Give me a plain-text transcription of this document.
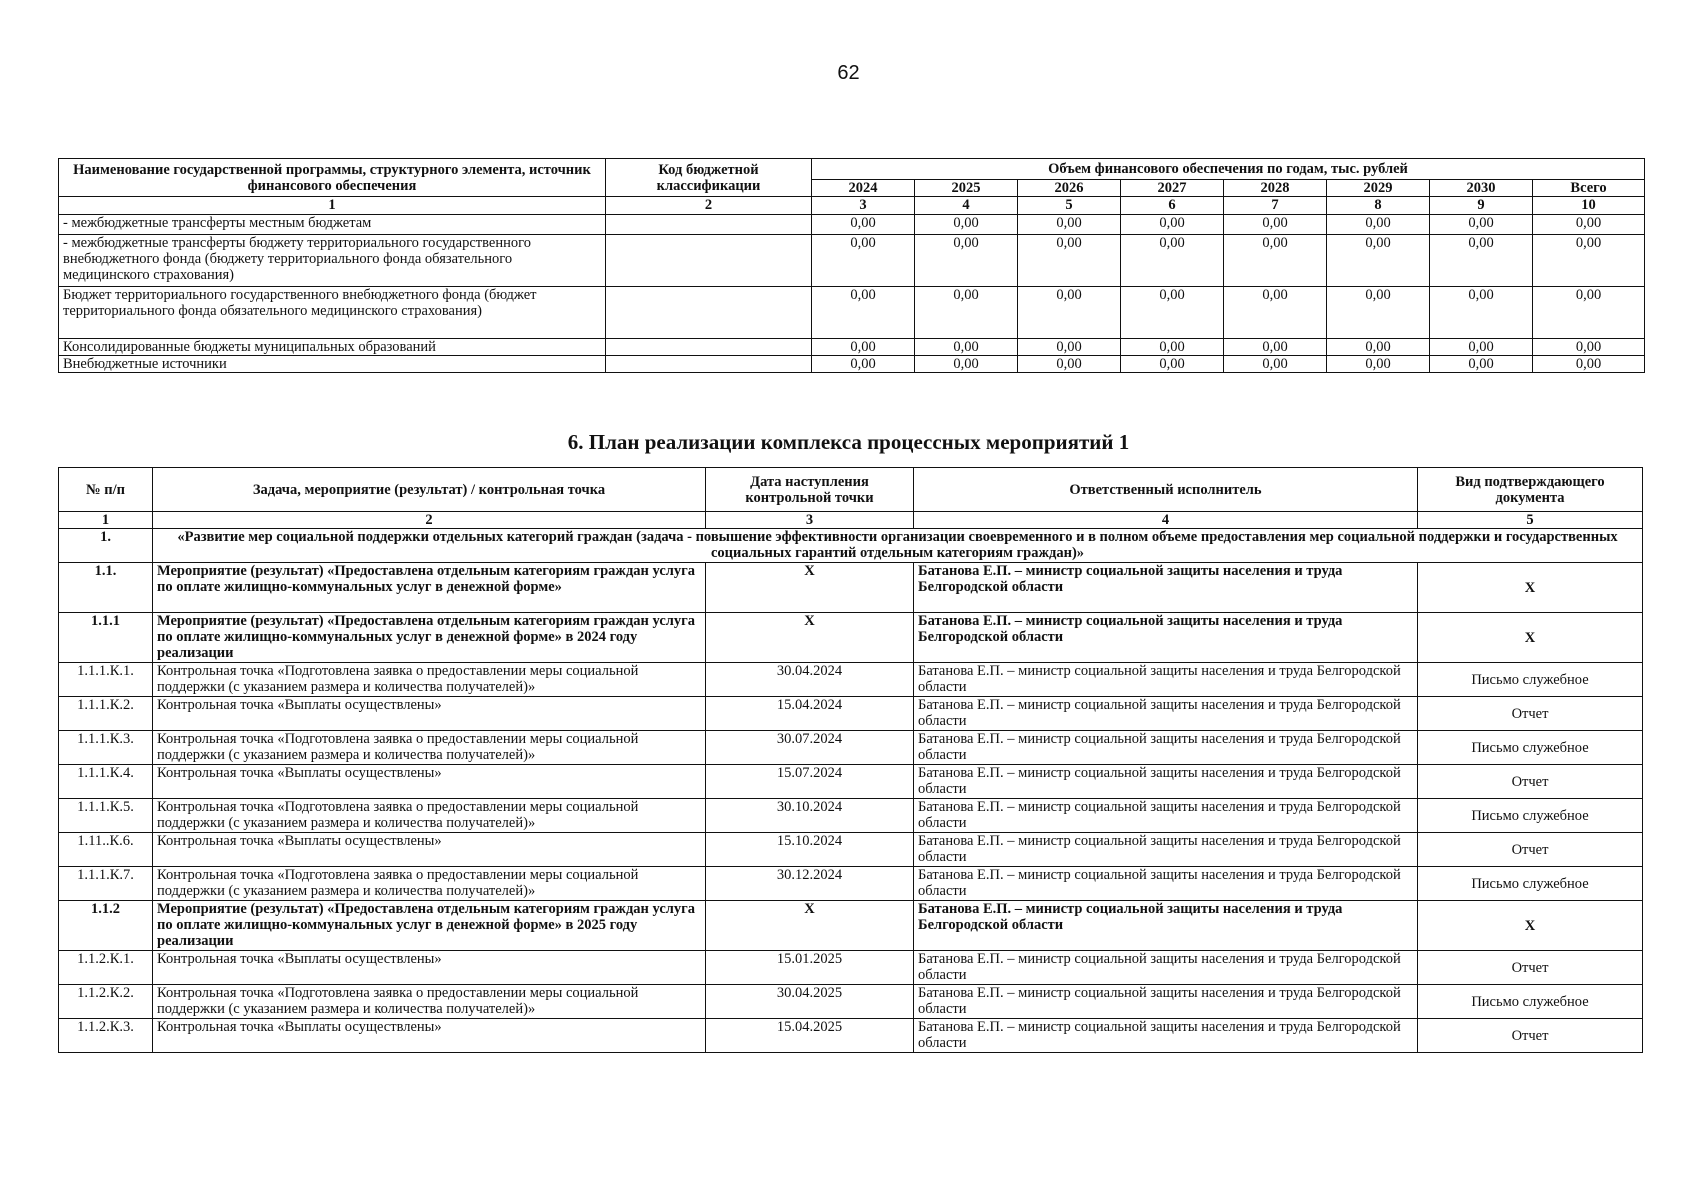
62
Наименование государственной программы, структурного элемента, источник финансового обеспечения	Код бюджетной классификации	Объем финансового обеспечения по годам, тыс. рублей							
		2024	2025	2026	2027	2028	2029	2030	Всего
1	2	3	4	5	6	7	8	9	10
- межбюджетные трансферты местным бюджетам		0,00	0,00	0,00	0,00	0,00	0,00	0,00	0,00
- межбюджетные трансферты бюджету территориального государственного внебюджетного фонда (бюджету территориального фонда обязательного медицинского страхования)		0,00	0,00	0,00	0,00	0,00	0,00	0,00	0,00
Бюджет территориального государственного внебюджетного фонда (бюджет территориального фонда обязательного медицинского страхования)		0,00	0,00	0,00	0,00	0,00	0,00	0,00	0,00
Консолидированные бюджеты муниципальных образований		0,00	0,00	0,00	0,00	0,00	0,00	0,00	0,00
Внебюджетные источники		0,00	0,00	0,00	0,00	0,00	0,00	0,00	0,00
6. План реализации комплекса процессных мероприятий 1
№ п/п	Задача, мероприятие (результат) / контрольная точка	Дата наступления контрольной точки	Ответственный исполнитель	Вид подтверждающего документа
1	2	3	4	5
1.	«Развитие мер социальной поддержки отдельных категорий граждан (задача - повышение эффективности организации своевременного и в полном объеме предоставления мер социальной поддержки и государственных социальных гарантий отдельным категориям граждан)»			
1.1.	Мероприятие (результат) «Предоставлена отдельным категориям граждан услуга по оплате жилищно-коммунальных услуг в денежной форме»	X	Батанова Е.П. – министр социальной защиты населения и труда Белгородской области	X
1.1.1	Мероприятие (результат) «Предоставлена отдельным категориям граждан услуга по оплате жилищно-коммунальных услуг в денежной форме» в 2024 году реализации	X	Батанова Е.П. – министр социальной защиты населения и труда Белгородской области	X
1.1.1.К.1.	Контрольная точка «Подготовлена заявка о предоставлении меры социальной поддержки (с указанием размера и количества получателей)»	30.04.2024	Батанова Е.П. – министр социальной защиты населения и труда Белгородской области	Письмо служебное
1.1.1.К.2.	Контрольная точка «Выплаты осуществлены»	15.04.2024	Батанова Е.П. – министр социальной защиты населения и труда Белгородской области	Отчет
1.1.1.К.3.	Контрольная точка «Подготовлена заявка о предоставлении меры социальной поддержки (с указанием размера и количества получателей)»	30.07.2024	Батанова Е.П. – министр социальной защиты населения и труда Белгородской области	Письмо служебное
1.1.1.К.4.	Контрольная точка «Выплаты осуществлены»	15.07.2024	Батанова Е.П. – министр социальной защиты населения и труда Белгородской области	Отчет
1.1.1.К.5.	Контрольная точка «Подготовлена заявка о предоставлении меры социальной поддержки (с указанием размера и количества получателей)»	30.10.2024	Батанова Е.П. – министр социальной защиты населения и труда Белгородской области	Письмо служебное
1.11..К.6.	Контрольная точка «Выплаты осуществлены»	15.10.2024	Батанова Е.П. – министр социальной защиты населения и труда Белгородской области	Отчет
1.1.1.К.7.	Контрольная точка «Подготовлена заявка о предоставлении меры социальной поддержки (с указанием размера и количества получателей)»	30.12.2024	Батанова Е.П. – министр социальной защиты населения и труда Белгородской области	Письмо служебное
1.1.2	Мероприятие (результат) «Предоставлена отдельным категориям граждан услуга по оплате жилищно-коммунальных услуг в денежной форме» в 2025 году реализации	X	Батанова Е.П. – министр социальной защиты населения и труда Белгородской области	X
1.1.2.К.1.	Контрольная точка «Выплаты осуществлены»	15.01.2025	Батанова Е.П. – министр социальной защиты населения и труда Белгородской области	Отчет
1.1.2.К.2.	Контрольная точка «Подготовлена заявка о предоставлении меры социальной поддержки (с указанием размера и количества получателей)»	30.04.2025	Батанова Е.П. – министр социальной защиты населения и труда Белгородской области	Письмо служебное
1.1.2.К.3.	Контрольная точка «Выплаты осуществлены»	15.04.2025	Батанова Е.П. – министр социальной защиты населения и труда Белгородской области	Отчет
